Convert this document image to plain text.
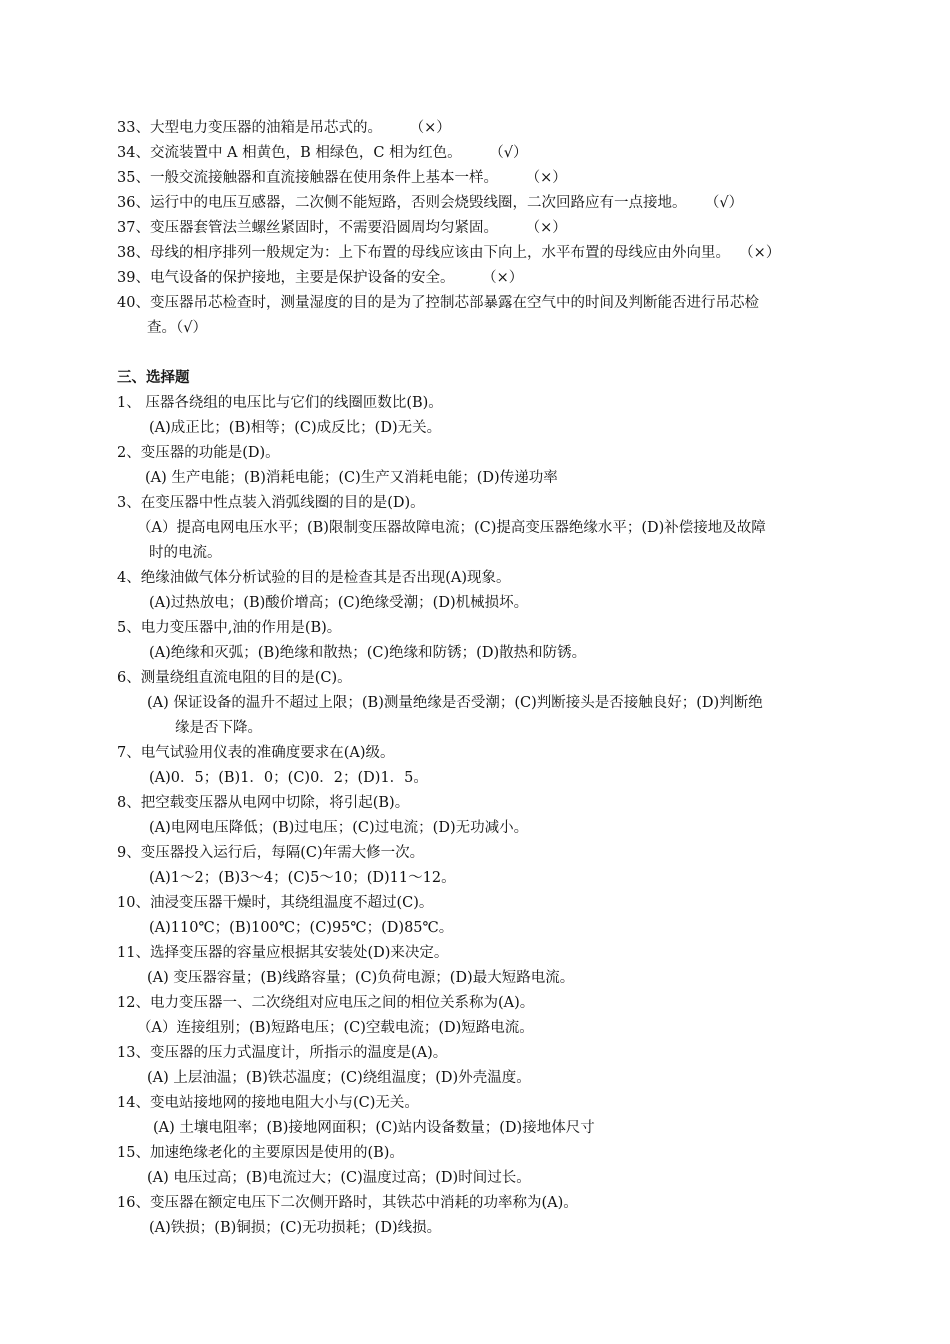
33、大型电力变压器的油箱是吊芯式的。 （×）
34、交流装置中 A 相黄色，B 相绿色，C 相为红色。 （√）
35、一般交流接触器和直流接触器在使用条件上基本一样。 （×）
36、运行中的电压互感器，二次侧不能短路，否则会烧毁线圈，二次回路应有一点接地。 （√）
37、变压器套管法兰螺丝紧固时，不需要沿圆周均匀紧固。 （×）
38、母线的相序排列一般规定为：上下布置的母线应该由下向上，水平布置的母线应由外向里。 （×）
39、电气设备的保护接地，主要是保护设备的安全。 （×）
40、变压器吊芯检查时，测量湿度的目的是为了控制芯部暴露在空气中的时间及判断能否进行吊芯检
查。（√）
三、选择题
1、 压器各绕组的电压比与它们的线圈匝数比(B)。
(A)成正比；(B)相等；(C)成反比；(D)无关。
2、变压器的功能是(D)。
(A) 生产电能；(B)消耗电能；(C)生产又消耗电能；(D)传递功率
3、在变压器中性点装入消弧线圈的目的是(D)。
（A）提高电网电压水平；(B)限制变压器故障电流；(C)提高变压器绝缘水平；(D)补偿接地及故障
时的电流。
4、绝缘油做气体分析试验的目的是检查其是否出现(A)现象。
(A)过热放电；(B)酸价增高；(C)绝缘受潮；(D)机械损坏。
5、电力变压器中,油的作用是(B)。
(A)绝缘和灭弧；(B)绝缘和散热；(C)绝缘和防锈；(D)散热和防锈。
6、测量绕组直流电阻的目的是(C)。
(A) 保证设备的温升不超过上限；(B)测量绝缘是否受潮；(C)判断接头是否接触良好；(D)判断绝
缘是否下降。
7、电气试验用仪表的准确度要求在(A)级。
(A)0．5；(B)1．0；(C)0．2；(D)1．5。
8、把空载变压器从电网中切除，将引起(B)。
(A)电网电压降低；(B)过电压；(C)过电流；(D)无功减小。
9、变压器投入运行后，每隔(C)年需大修一次。
(A)1～2；(B)3～4；(C)5～10；(D)11～12。
10、油浸变压器干燥时，其绕组温度不超过(C)。
(A)110℃；(B)100℃；(C)95℃；(D)85℃。
11、选择变压器的容量应根据其安装处(D)来决定。
(A) 变压器容量；(B)线路容量；(C)负荷电源；(D)最大短路电流。
12、电力变压器一、二次绕组对应电压之间的相位关系称为(A)。
（A）连接组别；(B)短路电压；(C)空载电流；(D)短路电流。
13、变压器的压力式温度计，所指示的温度是(A)。
(A) 上层油温；(B)铁芯温度；(C)绕组温度；(D)外壳温度。
14、变电站接地网的接地电阻大小与(C)无关。
(A) 土壤电阻率；(B)接地网面积；(C)站内设备数量；(D)接地体尺寸
15、加速绝缘老化的主要原因是使用的(B)。
(A) 电压过高；(B)电流过大；(C)温度过高；(D)时间过长。
16、变压器在额定电压下二次侧开路时，其铁芯中消耗的功率称为(A)。
(A)铁损；(B)铜损；(C)无功损耗；(D)线损。
